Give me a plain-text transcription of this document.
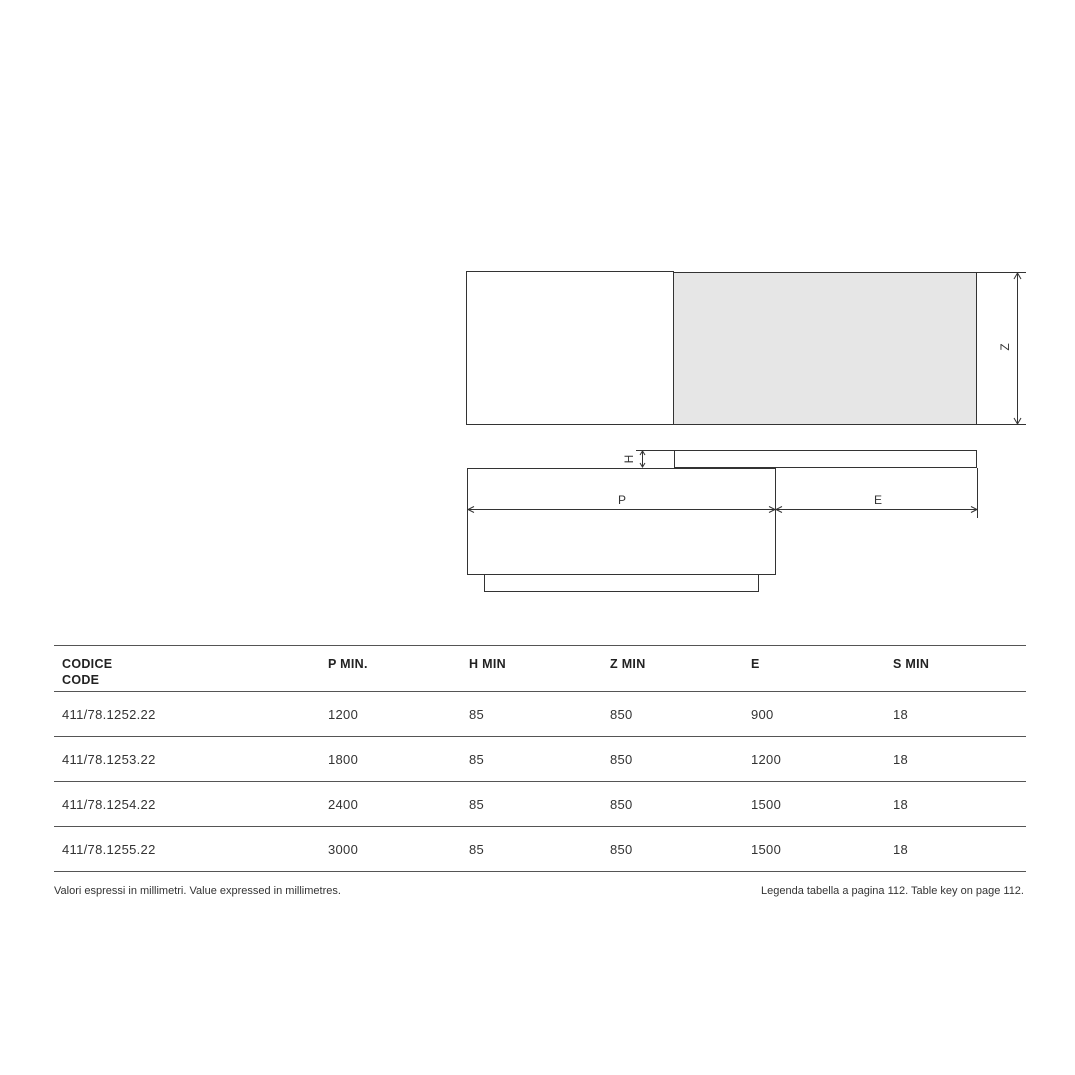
Z
H
P	E
CODICE
CODE
P MIN.	H MIN	Z MIN	E	S MIN
411/78.1252.22	1200	85	850	900	18
411/78.1253.22	1800	85	850	1200	18
411/78.1254.22	2400	85	850	1500	18
411/78.1255.22	3000	85	850	1500	18
Valori espressi in millimetri. Value expressed in millimetres.	Legenda tabella a pagina 112. Table key on page 112.
